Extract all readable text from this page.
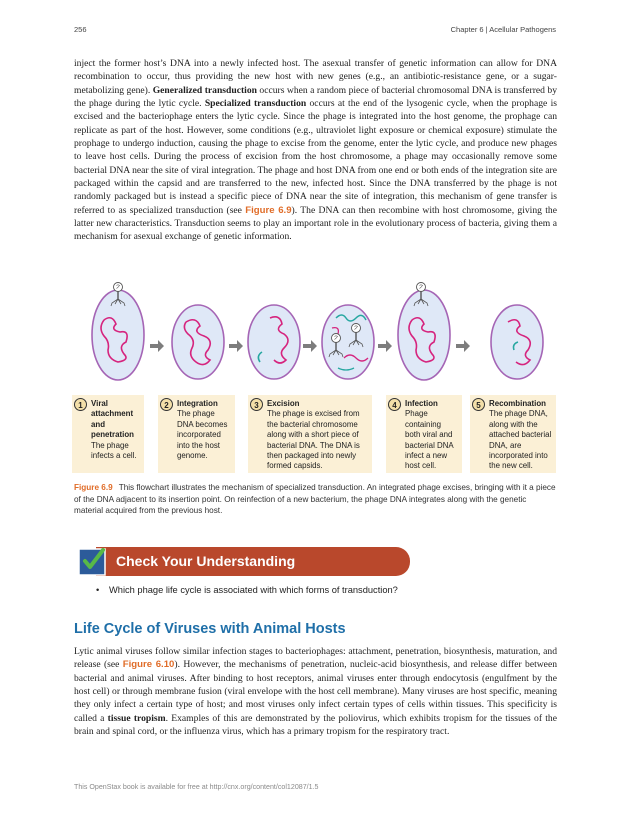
256	Chapter 6 | Acellular Pathogens

inject the former host’s DNA into a newly infected host. The asexual transfer of genetic information can allow for DNA recombination to occur, thus providing the new host with new genes (e.g., an antibiotic-resistance gene, or a sugar-metabolizing gene). Generalized transduction occurs when a random piece of bacterial chromosomal DNA is transferred by the phage during the lytic cycle. Specialized transduction occurs at the end of the lysogenic cycle, when the prophage is excised and the bacteriophage enters the lytic cycle. Since the phage is integrated into the host genome, the prophage can replicate as part of the host. However, some conditions (e.g., ultraviolet light exposure or chemical exposure) stimulate the prophage to undergo induction, causing the phage to excise from the genome, enter the lytic cycle, and produce new phages to leave host cells. During the process of excision from the host chromosome, a phage may occasionally remove some bacterial DNA near the site of viral integration. The phage and host DNA from one end or both ends of the integration site are packaged within the capsid and are transferred to the new, infected host. Since the DNA transferred by the phage is not randomly packaged but is instead a specific piece of DNA near the site of integration, this mechanism of gene transfer is referred to as specialized transduction (see Figure 6.9). The DNA can then recombine with host chromosome, giving the latter new characteristics. Transduction seems to play an important role in the evolutionary process of bacteria, giving them a mechanism for asexual exchange of genetic information.

1	Viral attachment and penetration
The phage infects a cell.
2	Integration
The phage DNA becomes incorporated into the host genome.
3	Excision
The phage is excised from the bacterial chromosome along with a short piece of bacterial DNA. The DNA is then packaged into newly formed capsids.
4	Infection
Phage containing both viral and bacterial DNA infect a new host cell.
5	Recombination
The phage DNA, along with the attached bacterial DNA, are incorporated into the new cell.

Figure 6.9 This flowchart illustrates the mechanism of specialized transduction. An integrated phage excises, bringing with it a piece of the DNA adjacent to its insertion point. On reinfection of a new bacterium, the phage DNA integrates along with the genetic material acquired from the previous host.

Check Your Understanding
• Which phage life cycle is associated with which forms of transduction?
Life Cycle of Viruses with Animal Hosts

Lytic animal viruses follow similar infection stages to bacteriophages: attachment, penetration, biosynthesis, maturation, and release (see Figure 6.10). However, the mechanisms of penetration, nucleic-acid biosynthesis, and release differ between bacterial and animal viruses. After binding to host receptors, animal viruses enter through endocytosis (engulfment by the host cell) or through membrane fusion (viral envelope with the host cell membrane). Many viruses are host specific, meaning they only infect a certain type of host; and most viruses only infect certain types of cells within tissues. This specificity is called a tissue tropism. Examples of this are demonstrated by the poliovirus, which exhibits tropism for the tissues of the brain and spinal cord, or the influenza virus, which has a primary tropism for the respiratory tract.

This OpenStax book is available for free at http://cnx.org/content/col12087/1.5
